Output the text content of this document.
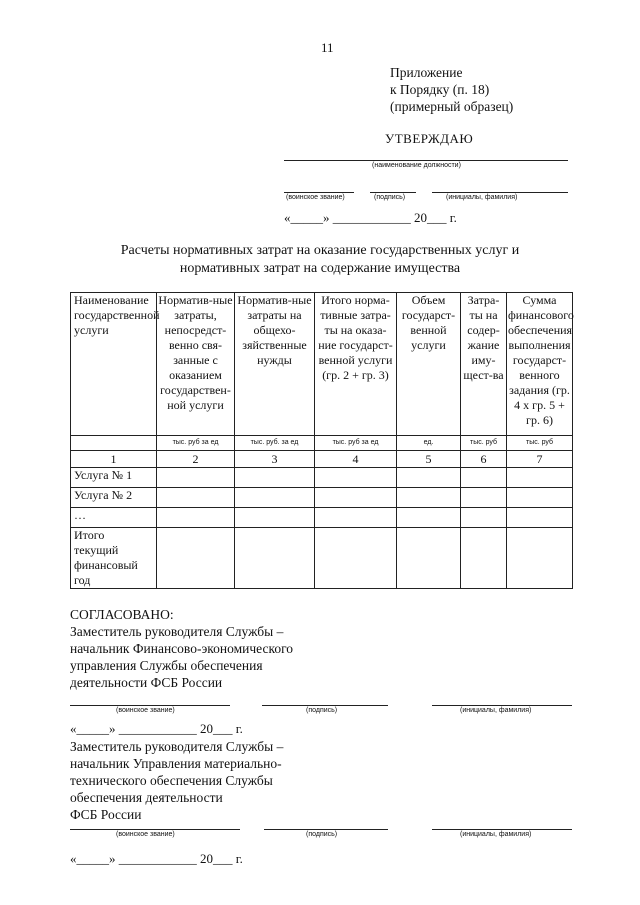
11
Приложение
к Порядку (п. 18)
(примерный образец)
УТВЕРЖДАЮ
(наименование должности)
(воинское звание)	(подпись)	(инициалы, фамилия)
«_____» ____________ 20___ г.
Расчеты нормативных затрат на оказание государственных услуг и
нормативных затрат на содержание имущества
Наименование государственной услуги	Норматив-ные затраты, непосредст-венно свя-занные с оказанием государствен-ной услуги	Норматив-ные затраты на общехо-зяйственные нужды	Итого норма-тивные затра-ты на оказа-ние государст-венной услуги (гр. 2 + гр. 3)	Объем государст-венной услуги	Затра-ты на содер-жание иму-щест-ва	Сумма финансового обеспечения выполнения государст-венного задания (гр. 4 х гр. 5 + гр. 6)
	тыс. руб за ед	тыс. руб. за ед	тыс. руб за ед	ед.	тыс. руб	тыс. руб
1	2	3	4	5	6	7
Услуга № 1						
Услуга № 2						
…						

Итого текущий финансовый год						

СОГЛАСОВАНО:
Заместитель руководителя Службы –
начальник Финансово-экономического
управления Службы обеспечения
деятельности ФСБ России
(воинское звание)	(подпись)	(инициалы, фамилия)
«_____» ____________ 20___ г.
Заместитель руководителя Службы –
начальник Управления материально-
технического обеспечения Службы
обеспечения деятельности
ФСБ России
(воинское звание)	(подпись)	(инициалы, фамилия)
«_____» ____________ 20___ г.
